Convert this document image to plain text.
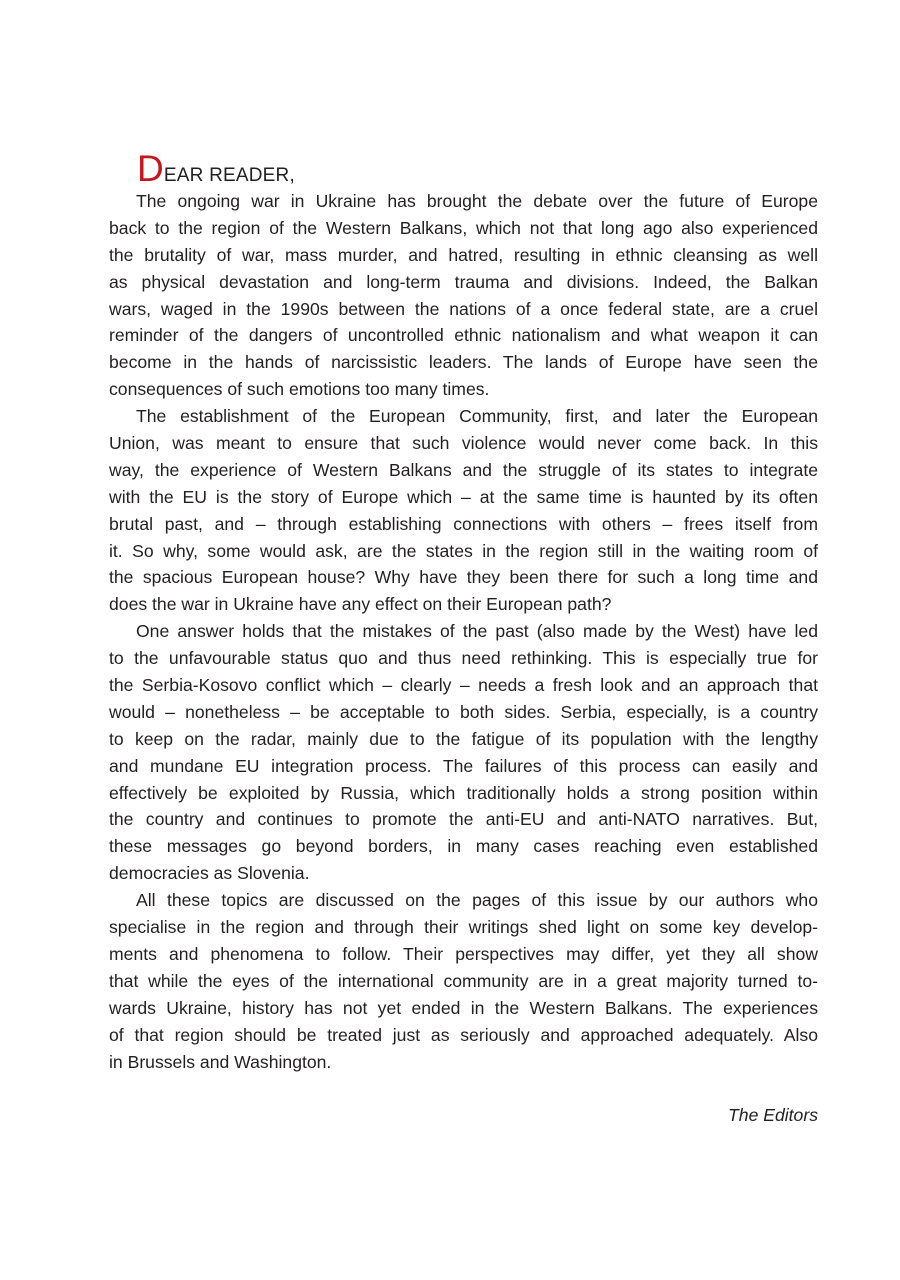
DEAR READER,
The ongoing war in Ukraine has brought the debate over the future of Europe
back to the region of the Western Balkans, which not that long ago also experienced
the brutality of war, mass murder, and hatred, resulting in ethnic cleansing as well
as physical devastation and long-term trauma and divisions. Indeed, the Balkan
wars, waged in the 1990s between the nations of a once federal state, are a cruel
reminder of the dangers of uncontrolled ethnic nationalism and what weapon it can
become in the hands of narcissistic leaders. The lands of Europe have seen the
consequences of such emotions too many times.
The establishment of the European Community, first, and later the European
Union, was meant to ensure that such violence would never come back. In this
way, the experience of Western Balkans and the struggle of its states to integrate
with the EU is the story of Europe which – at the same time is haunted by its often
brutal past, and – through establishing connections with others – frees itself from
it. So why, some would ask, are the states in the region still in the waiting room of
the spacious European house? Why have they been there for such a long time and
does the war in Ukraine have any effect on their European path?
One answer holds that the mistakes of the past (also made by the West) have led
to the unfavourable status quo and thus need rethinking. This is especially true for
the Serbia-Kosovo conflict which – clearly – needs a fresh look and an approach that
would – nonetheless – be acceptable to both sides. Serbia, especially, is a country
to keep on the radar, mainly due to the fatigue of its population with the lengthy
and mundane EU integration process. The failures of this process can easily and
effectively be exploited by Russia, which traditionally holds a strong position within
the country and continues to promote the anti-EU and anti-NATO narratives. But,
these messages go beyond borders, in many cases reaching even established
democracies as Slovenia.
All these topics are discussed on the pages of this issue by our authors who
specialise in the region and through their writings shed light on some key develop-
ments and phenomena to follow. Their perspectives may differ, yet they all show
that while the eyes of the international community are in a great majority turned to-
wards Ukraine, history has not yet ended in the Western Balkans. The experiences
of that region should be treated just as seriously and approached adequately. Also
in Brussels and Washington.
The Editors
